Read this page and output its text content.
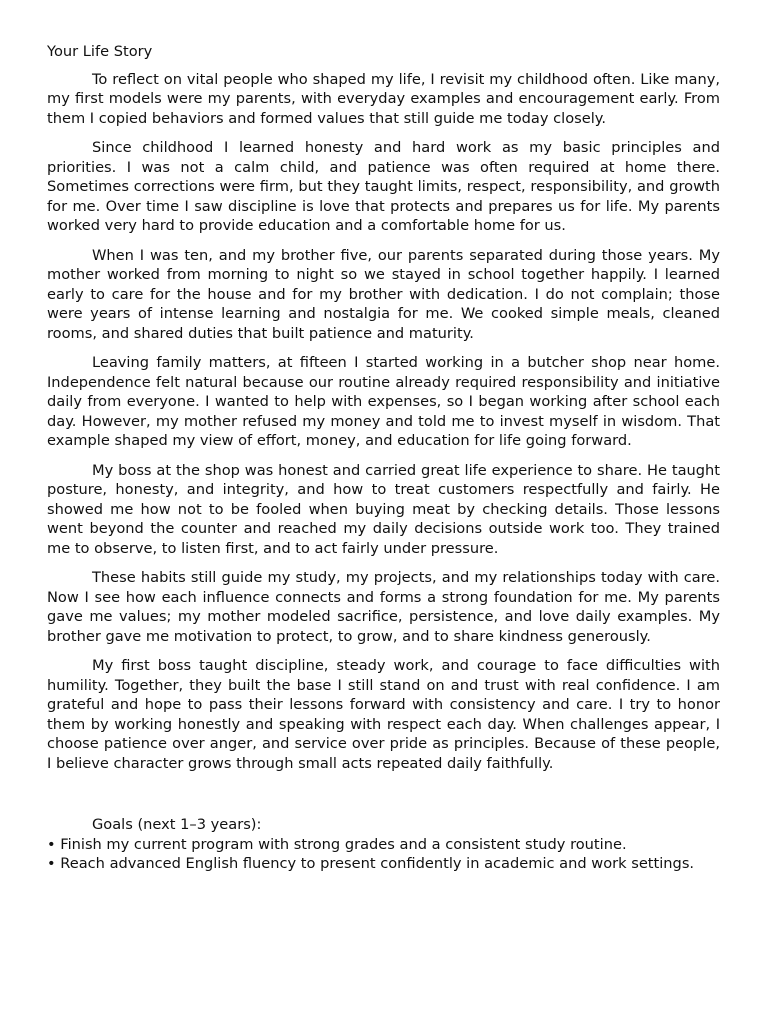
Your Life Story

To reflect on vital people who shaped my life, I revisit my childhood often. Like many, my first models were my parents, with everyday examples and encouragement early. From them I copied behaviors and formed values that still guide me today closely.

Since childhood I learned honesty and hard work as my basic principles and priorities. I was not a calm child, and patience was often required at home there. Sometimes corrections were firm, but they taught limits, respect, responsibility, and growth for me. Over time I saw discipline is love that protects and prepares us for life. My parents worked very hard to provide education and a comfortable home for us.

When I was ten, and my brother five, our parents separated during those years. My mother worked from morning to night so we stayed in school together happily. I learned early to care for the house and for my brother with dedication. I do not complain; those were years of intense learning and nostalgia for me. We cooked simple meals, cleaned rooms, and shared duties that built patience and maturity.

Leaving family matters, at fifteen I started working in a butcher shop near home. Independence felt natural because our routine already required responsibility and initiative daily from everyone. I wanted to help with expenses, so I began working after school each day. However, my mother refused my money and told me to invest myself in wisdom. That example shaped my view of effort, money, and education for life going forward.

My boss at the shop was honest and carried great life experience to share. He taught posture, honesty, and integrity, and how to treat customers respectfully and fairly. He showed me how not to be fooled when buying meat by checking details. Those lessons went beyond the counter and reached my daily decisions outside work too. They trained me to observe, to listen first, and to act fairly under pressure.

These habits still guide my study, my projects, and my relationships today with care. Now I see how each influence connects and forms a strong foundation for me. My parents gave me values; my mother modeled sacrifice, persistence, and love daily examples. My brother gave me motivation to protect, to grow, and to share kindness generously.

My first boss taught discipline, steady work, and courage to face difficulties with humility. Together, they built the base I still stand on and trust with real confidence. I am grateful and hope to pass their lessons forward with consistency and care. I try to honor them by working honestly and speaking with respect each day. When challenges appear, I choose patience over anger, and service over pride as principles. Because of these people, I believe character grows through small acts repeated daily faithfully.

Goals (next 1–3 years):

• Finish my current program with strong grades and a consistent study routine.

• Reach advanced English fluency to present confidently in academic and work settings.
